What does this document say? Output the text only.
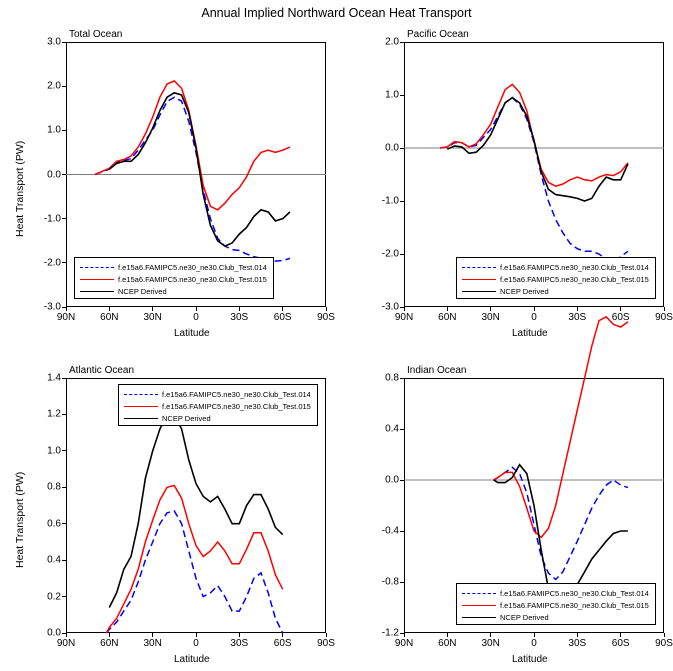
Annual Implied Northward Ocean Heat Transport
Total Ocean
-3.0
-2.0
-1.0
0.0
1.0
2.0
3.0
90N 60N 30N	0	30S	60S	90S
Latitude
Heat Transport (PW)
f.e15a6.FAMIPC5.ne30_ne30.Club_Test.014
f.e15a6.FAMIPC5.ne30_ne30.Club_Test.015
NCEP Derived
Pacific Ocean
-3.0
-2.0
-1.0
0.0
1.0
2.0
90N 60N 30N	0	30S	60S	90S
Latitude
f.e15a6.FAMIPC5.ne30_ne30.Club_Test.014
f.e15a6.FAMIPC5.ne30_ne30.Club_Test.015
NCEP Derived
Atlantic Ocean
0.0
0.2
0.4
0.6
0.8
1.0
1.2
1.4
90N 60N 30N	0	30S	60S	90S
Latitude
Heat Transport (PW)
f.e15a6.FAMIPC5.ne30_ne30.Club_Test.014
f.e15a6.FAMIPC5.ne30_ne30.Club_Test.015
NCEP Derived
Indian Ocean
-1.2
-0.8
-0.4
0.0
0.4
0.8
90N 60N 30N	0	30S	60S	90S
Latitude
f.e15a6.FAMIPC5.ne30_ne30.Club_Test.014
f.e15a6.FAMIPC5.ne30_ne30.Club_Test.015
NCEP Derived
